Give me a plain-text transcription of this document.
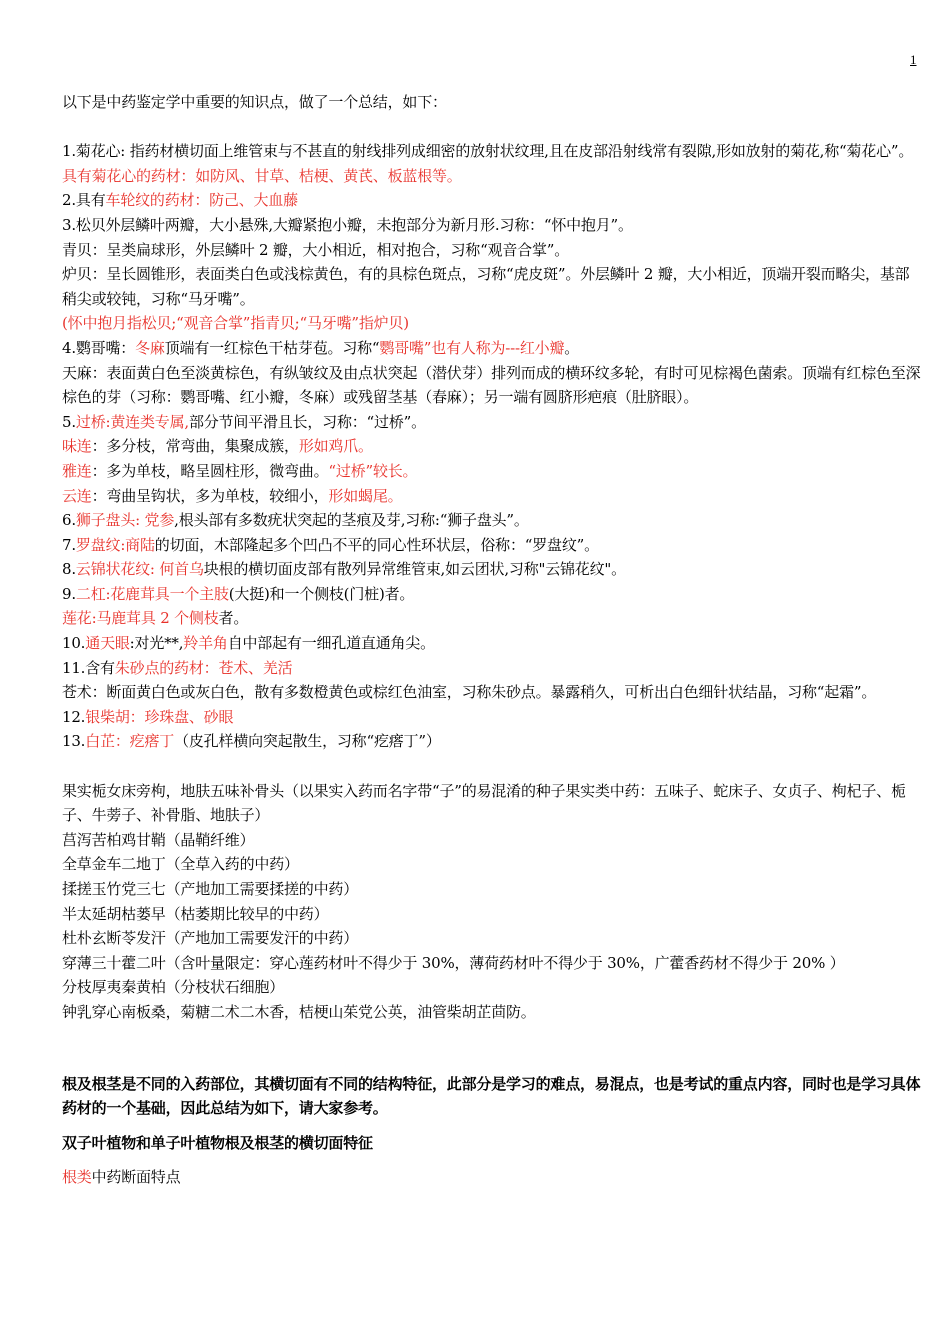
1
以下是中药鉴定学中重要的知识点，做了一个总结，如下：
1.菊花心: 指药材横切面上维管束与不甚直的射线排列成细密的放射状纹理,且在皮部沿射线常有裂隙,形如放射的菊花,称“菊花心”。
具有菊花心的药材：如防风、甘草、桔梗、黄芪、板蓝根等。
2.具有车轮纹的药材：防己、大血藤
3.松贝外层鳞叶两瓣，大小悬殊,大瓣紧抱小瓣，未抱部分为新月形.习称：“怀中抱月”。
青贝：呈类扁球形，外层鳞叶 2 瓣，大小相近，相对抱合，习称“观音合掌”。
炉贝：呈长圆锥形，表面类白色或浅棕黄色，有的具棕色斑点，习称“虎皮斑”。外层鳞叶 2 瓣，大小相近，顶端开裂而略尖，基部稍尖或较钝，习称“马牙嘴”。
(怀中抱月指松贝;“观音合掌”指青贝;“马牙嘴”指炉贝)
4.鹦哥嘴：冬麻顶端有一红棕色干枯芽苞。习称“鹦哥嘴”也有人称为---红小瓣。
天麻：表面黄白色至淡黄棕色，有纵皱纹及由点状突起（潜伏芽）排列而成的横环纹多轮，有时可见棕褐色菌索。顶端有红棕色至深棕色的芽（习称：鹦哥嘴、红小瓣，冬麻）或残留茎基（春麻）；另一端有圆脐形疤痕（肚脐眼）。
5.过桥:黄连类专属,部分节间平滑且长，习称：“过桥”。
味连：多分枝，常弯曲，集聚成簇，形如鸡爪。
雅连：多为单枝，略呈圆柱形，微弯曲。“过桥”较长。
云连：弯曲呈钩状，多为单枝，较细小，形如蝎尾。
6.狮子盘头: 党参,根头部有多数疣状突起的茎痕及芽,习称:“狮子盘头”。
7.罗盘纹:商陆的切面，木部隆起多个凹凸不平的同心性环状层，俗称：“罗盘纹”。
8.云锦状花纹: 何首乌块根的横切面皮部有散列异常维管束,如云团状,习称"云锦花纹"。
9.二杠:花鹿茸具一个主肢(大挺)和一个侧枝(门桩)者。
莲花:马鹿茸具 2 个侧枝者。
10.通天眼:对光**,羚羊角自中部起有一细孔道直通角尖。
11.含有朱砂点的药材：苍术、羌活
苍术：断面黄白色或灰白色，散有多数橙黄色或棕红色油室，习称朱砂点。暴露稍久，可析出白色细针状结晶，习称“起霜”。
12.银柴胡：珍珠盘、砂眼
13.白芷：疙瘩丁（皮孔样横向突起散生，习称“疙瘩丁”）
果实栀女床旁枸，地肤五味补骨头（以果实入药而名字带“子”的易混淆的种子果实类中药：五味子、蛇床子、女贞子、枸杞子、栀子、牛蒡子、补骨脂、地肤子）
莒泻苦柏鸡甘鞘（晶鞘纤维）
全草金车二地丁（全草入药的中药）
揉搓玉竹党三七（产地加工需要揉搓的中药）
半太延胡枯蒌早（枯萎期比较早的中药）
杜朴玄断苓发汗（产地加工需要发汗的中药）
穿薄三十藿二叶（含叶量限定：穿心莲药材叶不得少于 30%，薄荷药材叶不得少于 30%，广藿香药材不得少于 20% ）
分枝厚夷秦黄柏（分枝状石细胞）
钟乳穿心南板桑，菊糖二术二木香，桔梗山茱党公英，油管柴胡芷茴防。
根及根茎是不同的入药部位，其横切面有不同的结构特征，此部分是学习的难点，易混点，也是考试的重点内容，同时也是学习具体药材的一个基础，因此总结为如下，请大家参考。
双子叶植物和单子叶植物根及根茎的横切面特征
根类中药断面特点
